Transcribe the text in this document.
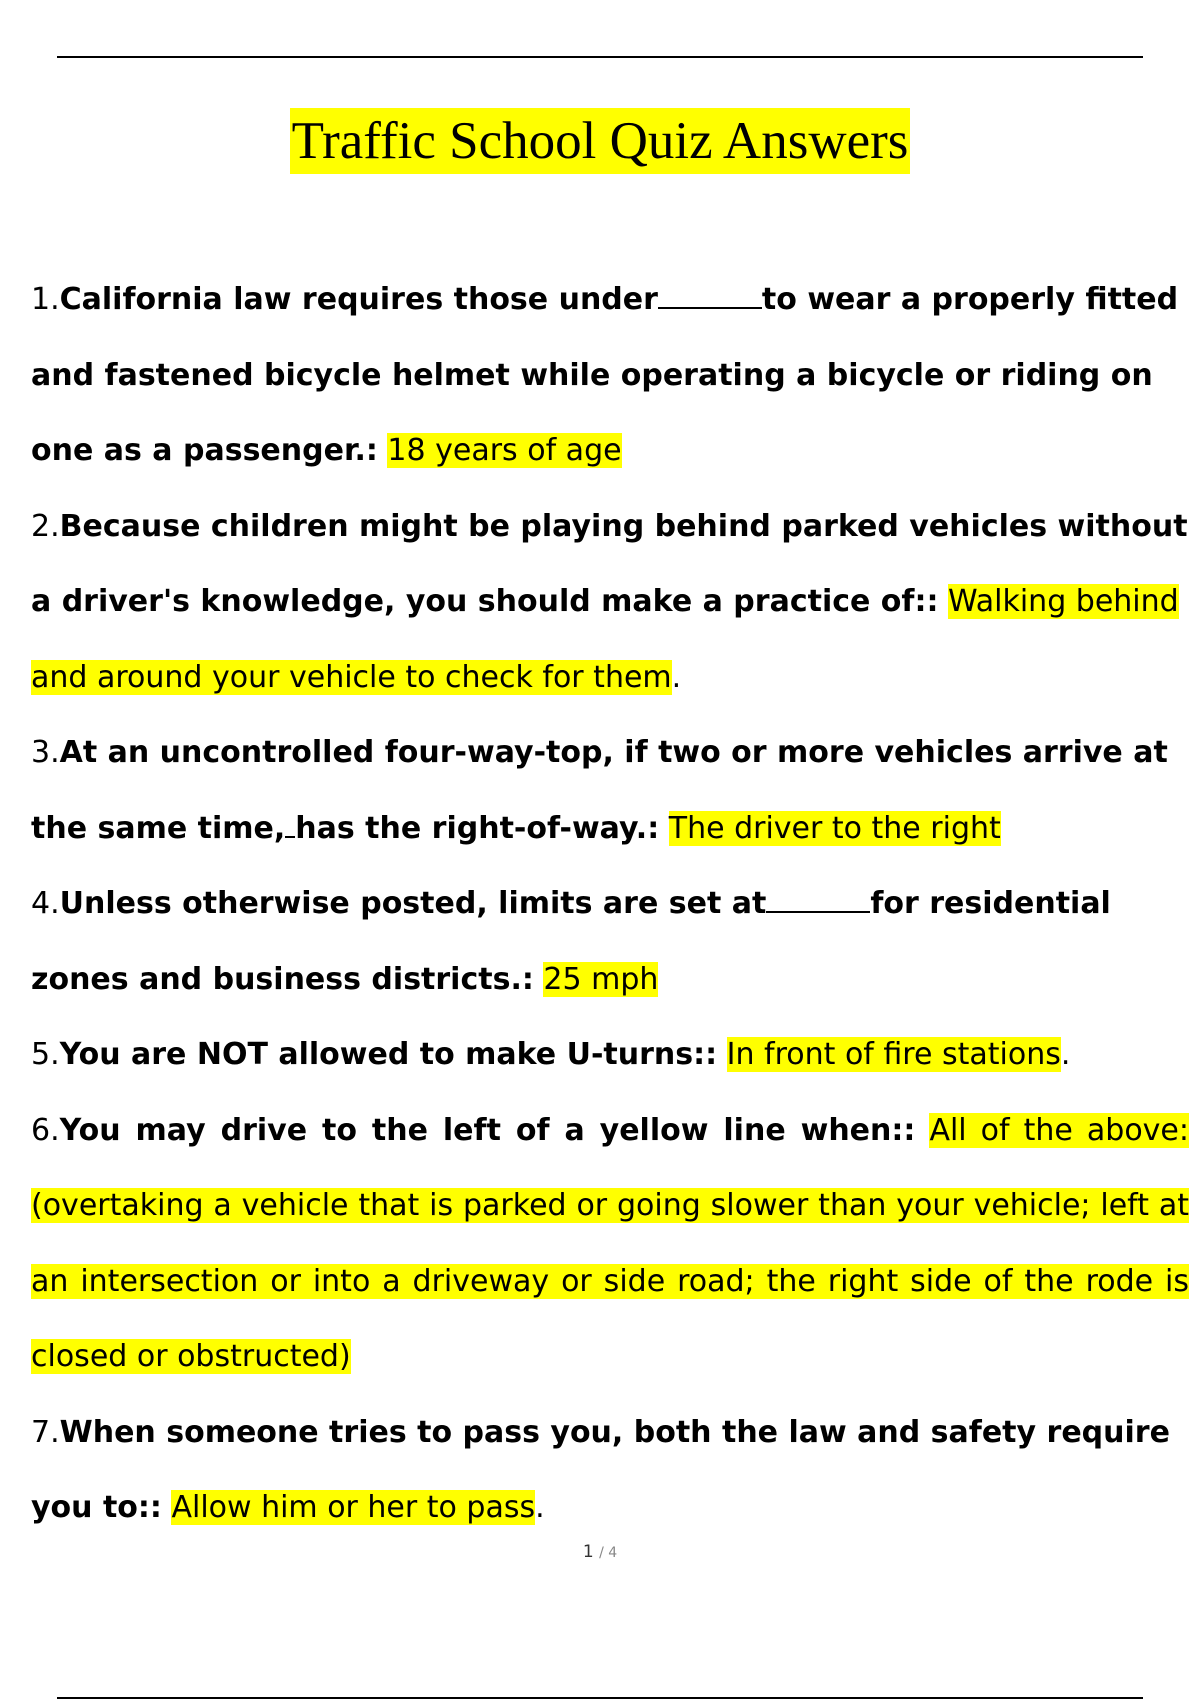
Traffic School Quiz Answers
1.California law requires those under	to wear a properly fitted and fastened bicycle helmet while operating a bicycle or riding on one as a passenger.: 18 years of age
2.Because children might be playing behind parked vehicles without a driver's knowledge, you should make a practice of:: Walking behind and around your vehicle to check for them.
3.At an uncontrolled four-way-top, if two or more vehicles arrive at the same time, has the right-of-way.: The driver to the right
4.Unless otherwise posted, limits are set at	for residential zones and business districts.: 25 mph
5.You are NOT allowed to make U-turns:: In front of fire stations.
6.You may drive to the left of a yellow line when:: All of the above: (overtaking a vehicle that is parked or going slower than your vehicle; left at an intersection or into a driveway or side road; the right side of the rode is closed or obstructed)
7.When someone tries to pass you, both the law and safety require you to:: Allow him or her to pass.
1 / 4
